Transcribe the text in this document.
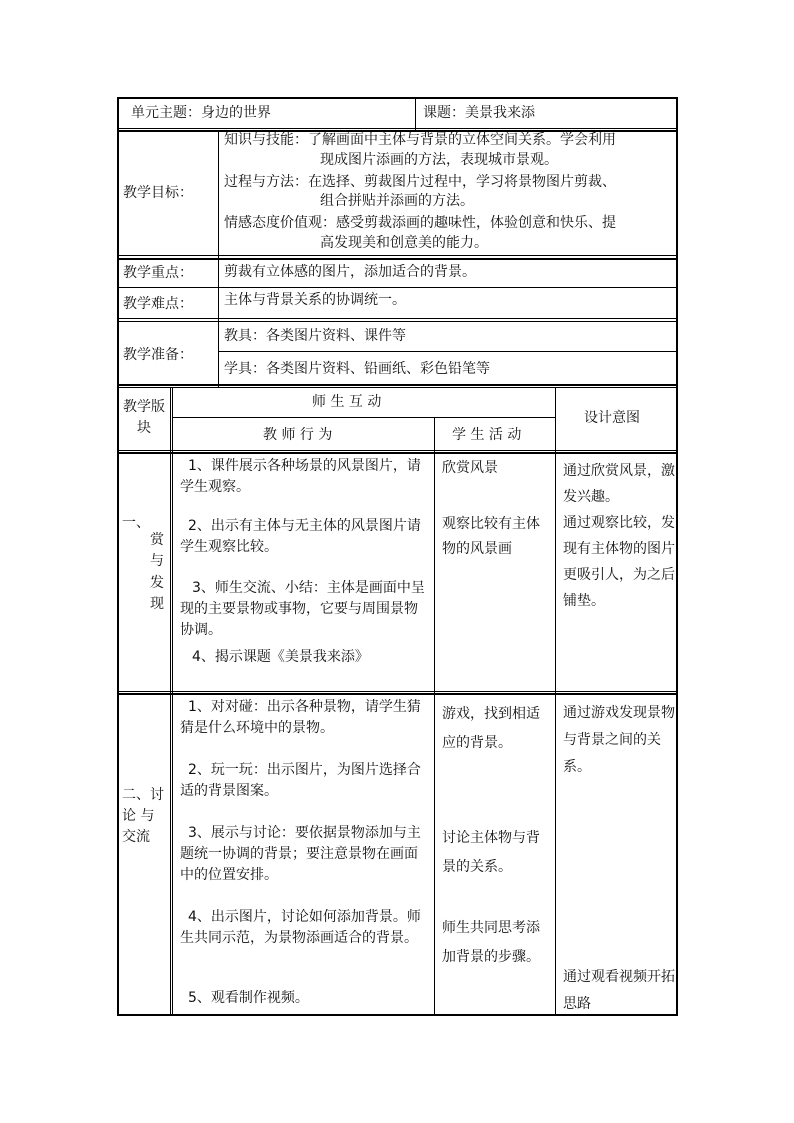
单元主题：身边的世界	课题：美景我来添
教学目标：
知识与技能：了解画面中主体与背景的立体空间关系。学会利用
现成图片添画的方法，表现城市景观。
过程与方法：在选择、剪裁图片过程中，学习将景物图片剪裁、
组合拼贴并添画的方法。
情感态度价值观：感受剪裁添画的趣味性，体验创意和快乐、提
高发现美和创意美的能力。
教学重点： 剪裁有立体感的图片，添加适合的背景。
教学难点： 主体与背景关系的协调统一。
教学准备：
教具：各类图片资料、课件等
学具：各类图片资料、铅画纸、彩色铅笔等
教学版块
师 生 互 动
教 师 行 为	学 生 活 动
设计意图
一、
赏
与
发
现
1、课件展示各种场景的风景图片，请学生观察。
2、出示有主体与无主体的风景图片请学生观察比较。
3、师生交流、小结：主体是画面中呈现的主要景物或事物，它要与周围景物协调。
4、揭示课题《美景我来添》
欣赏风景
观察比较有主体物的风景画
通过欣赏风景，激发兴趣。
通过观察比较，发现有主体物的图片更吸引人，为之后铺垫。
二、讨
论 与
交流
1、对对碰：出示各种景物，请学生猜猜是什么环境中的景物。
2、玩一玩：出示图片，为图片选择合适的背景图案。
3、展示与讨论：要依据景物添加与主题统一协调的背景；要注意景物在画面中的位置安排。
4、出示图片，讨论如何添加背景。师生共同示范，为景物添画适合的背景。
5、观看制作视频。
游戏，找到相适应的背景。
讨论主体物与背景的关系。
师生共同思考添加背景的步骤。
通过游戏发现景物与背景之间的关系。
通过观看视频开拓思路
